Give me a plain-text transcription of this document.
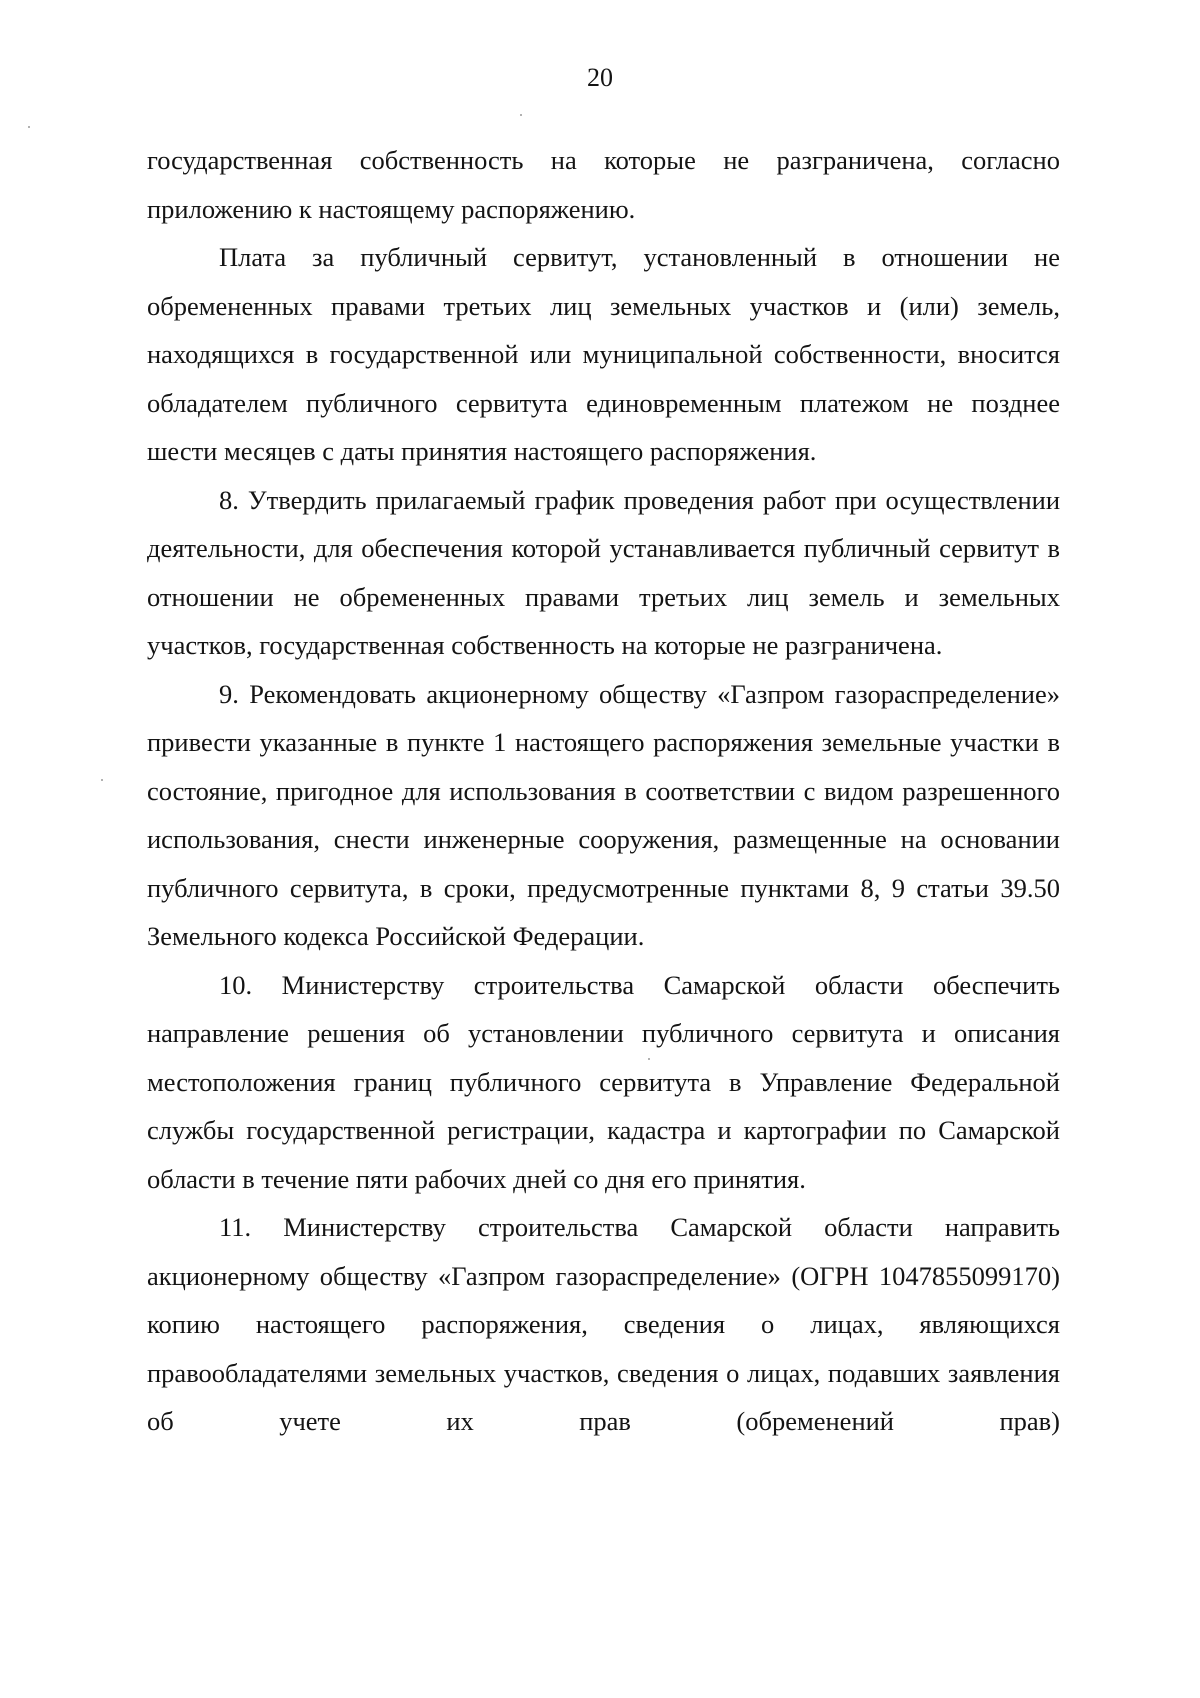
20

государственная собственность на которые не разграничена, согласно приложению к настоящему распоряжению.

Плата за публичный сервитут, установленный в отношении не обремененных правами третьих лиц земельных участков и (или) земель, находящихся в государственной или муниципальной собственности, вносится обладателем публичного сервитута единовременным платежом не позднее шести месяцев с даты принятия настоящего распоряжения.

8. Утвердить прилагаемый график проведения работ при осуществлении деятельности, для обеспечения которой устанавливается публичный сервитут в отношении не обремененных правами третьих лиц земель и земельных участков, государственная собственность на которые не разграничена.

9. Рекомендовать акционерному обществу «Газпром газораспределение» привести указанные в пункте 1 настоящего распоряжения земельные участки в состояние, пригодное для использования в соответствии с видом разрешенного использования, снести инженерные сооружения, размещенные на основании публичного сервитута, в сроки, предусмотренные пунктами 8, 9 статьи 39.50 Земельного кодекса Российской Федерации.

10. Министерству строительства Самарской области обеспечить направление решения об установлении публичного сервитута и описания местоположения границ публичного сервитута в Управление Федеральной службы государственной регистрации, кадастра и картографии по Самарской области в течение пяти рабочих дней со дня его принятия.

11. Министерству строительства Самарской области направить акционерному обществу «Газпром газораспределение» (ОГРН 1047855099170) копию настоящего распоряжения, сведения о лицах, являющихся правообладателями земельных участков, сведения о лицах, подавших заявления об учете их прав (обременений прав)
